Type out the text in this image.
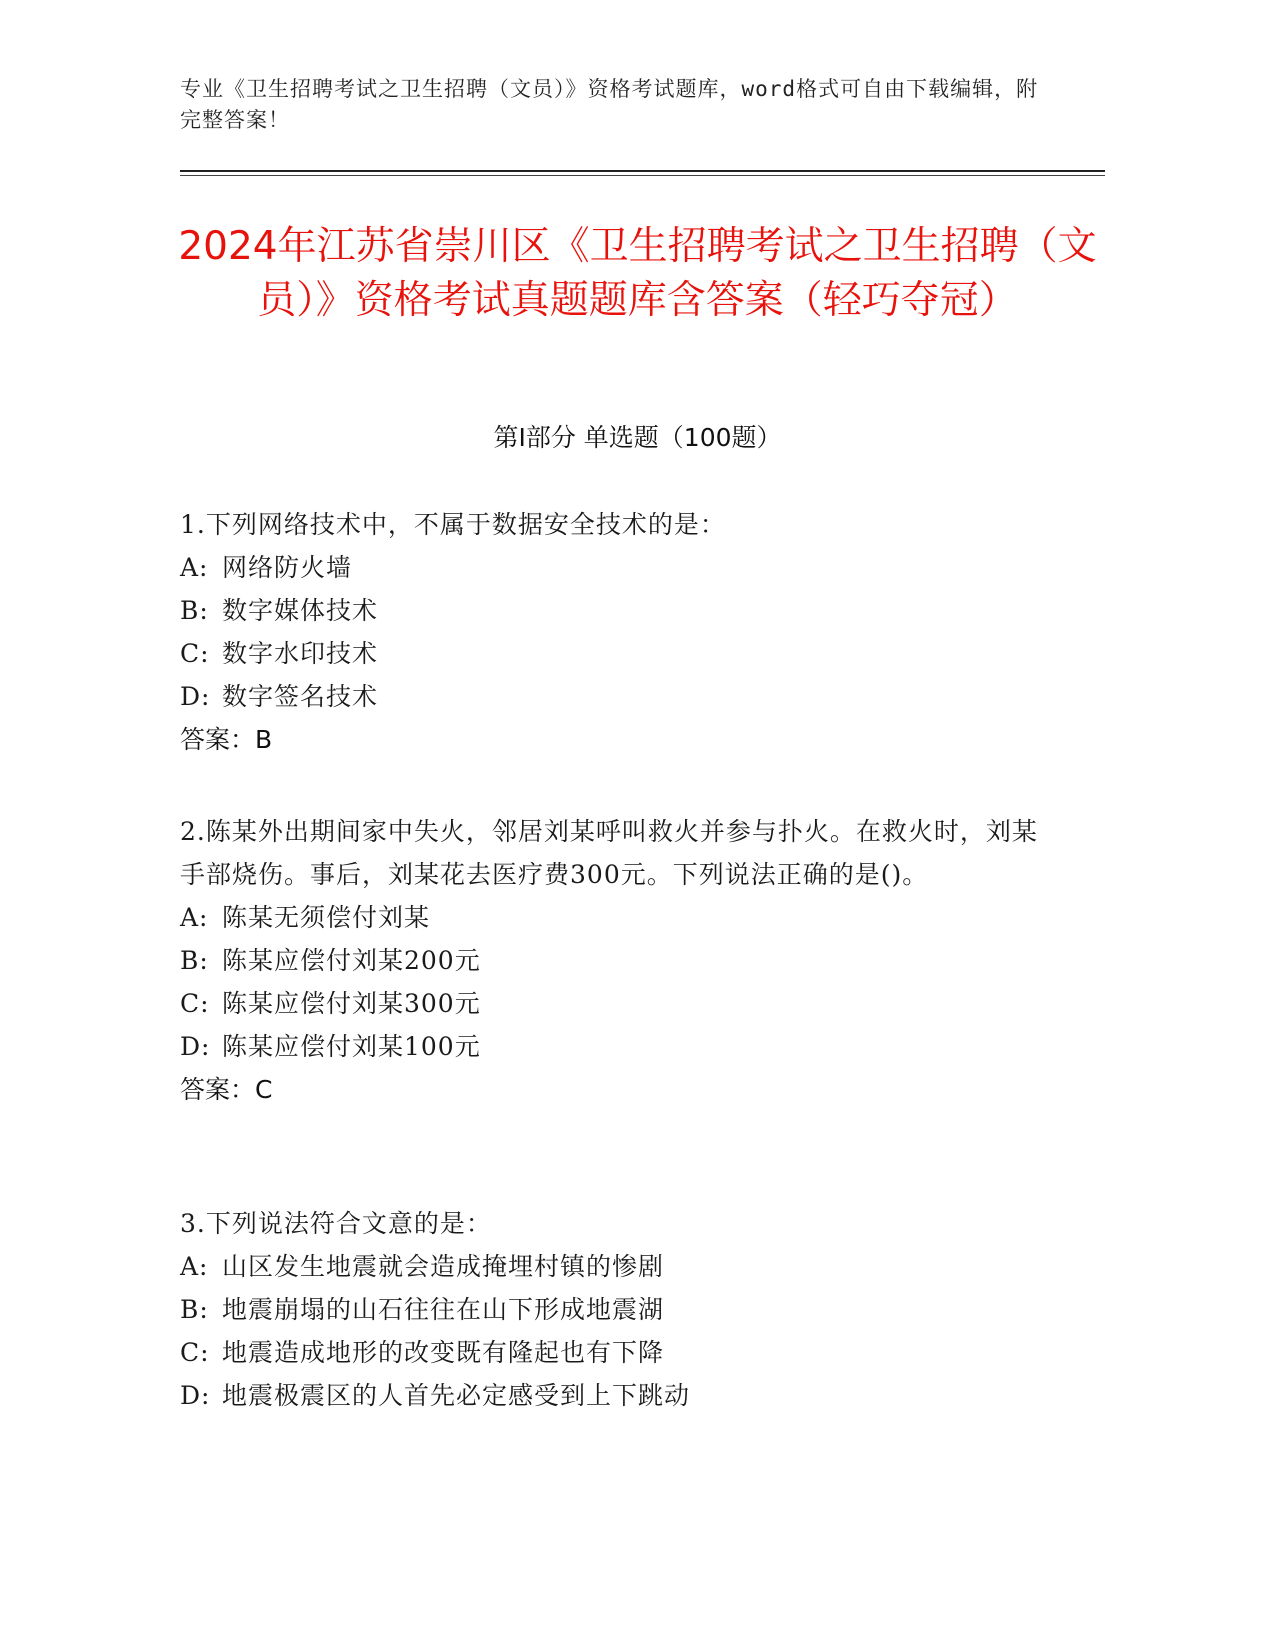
专业《卫生招聘考试之卫生招聘（文员）》资格考试题库，word格式可自由下载编辑，附完整答案！
2024年江苏省崇川区《卫生招聘考试之卫生招聘（文员）》资格考试真题题库含答案（轻巧夺冠）
第Ⅰ部分 单选题（100题）
1.下列网络技术中，不属于数据安全技术的是：
A: 网络防火墙
B: 数字媒体技术
C: 数字水印技术
D: 数字签名技术
答案：B
2.陈某外出期间家中失火，邻居刘某呼叫救火并参与扑火。在救火时，刘某手部烧伤。事后，刘某花去医疗费300元。下列说法正确的是()。
A: 陈某无须偿付刘某
B: 陈某应偿付刘某200元
C: 陈某应偿付刘某300元
D: 陈某应偿付刘某100元
答案：C
3.下列说法符合文意的是：
A: 山区发生地震就会造成掩埋村镇的惨剧
B: 地震崩塌的山石往往在山下形成地震湖
C: 地震造成地形的改变既有隆起也有下降
D: 地震极震区的人首先必定感受到上下跳动
